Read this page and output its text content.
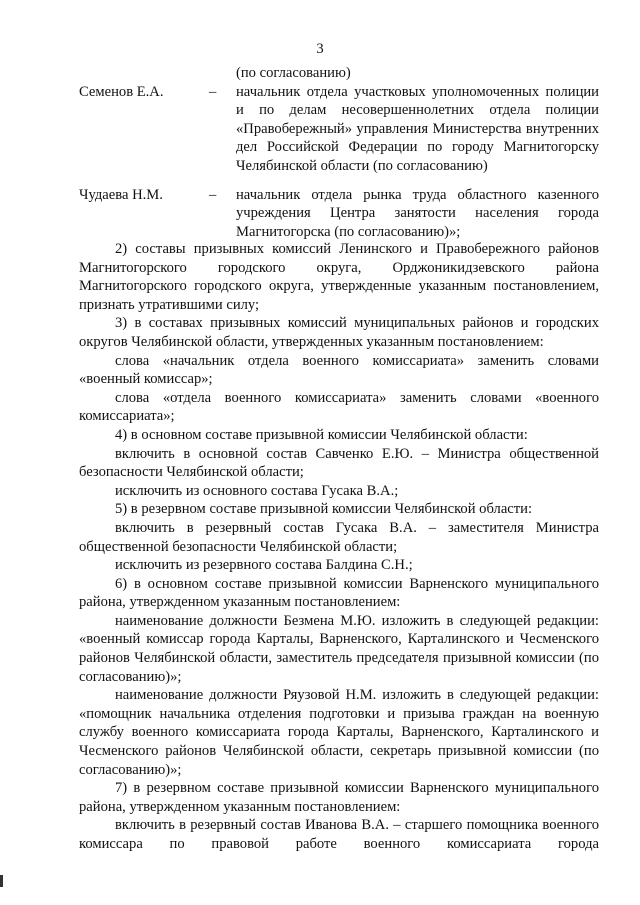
3
(по согласованию)
Семенов Е.А.	–	начальник отдела участковых уполномоченных полиции и по делам несовершеннолетних отдела полиции «Правобережный» управления Министерства внутренних дел Российской Федерации по городу Магнитогорску Челябинской области (по согласованию)
Чудаева Н.М.	–	начальник отдела рынка труда областного казенного учреждения Центра занятости населения города Магнитогорска (по согласованию)»;

2) составы призывных комиссий Ленинского и Правобережного районов Магнитогорского городского округа, Орджоникидзевского района Магнитогорского городского округа, утвержденные указанным постановлением, признать утратившими силу;

3) в составах призывных комиссий муниципальных районов и городских округов Челябинской области, утвержденных указанным постановлением:

слова «начальник отдела военного комиссариата» заменить словами «военный комиссар»;

слова «отдела военного комиссариата» заменить словами «военного комиссариата»;

4) в основном составе призывной комиссии Челябинской области:

включить в основной состав Савченко Е.Ю. – Министра общественной безопасности Челябинской области;

исключить из основного состава Гусака В.А.;

5) в резервном составе призывной комиссии Челябинской области:

включить в резервный состав Гусака В.А. – заместителя Министра общественной безопасности Челябинской области;

исключить из резервного состава Балдина С.Н.;

6) в основном составе призывной комиссии Варненского муниципального района, утвержденном указанным постановлением:

наименование должности Безмена М.Ю. изложить в следующей редакции: «военный комиссар города Карталы, Варненского, Карталинского и Чесменского районов Челябинской области, заместитель председателя призывной комиссии (по согласованию)»;

наименование должности Ряузовой Н.М. изложить в следующей редакции: «помощник начальника отделения подготовки и призыва граждан на военную службу военного комиссариата города Карталы, Варненского, Карталинского и Чесменского районов Челябинской области, секретарь призывной комиссии (по согласованию)»;

7) в резервном составе призывной комиссии Варненского муниципального района, утвержденном указанным постановлением:

включить в резервный состав Иванова В.А. – старшего помощника военного комиссара по правовой работе военного комиссариата города
